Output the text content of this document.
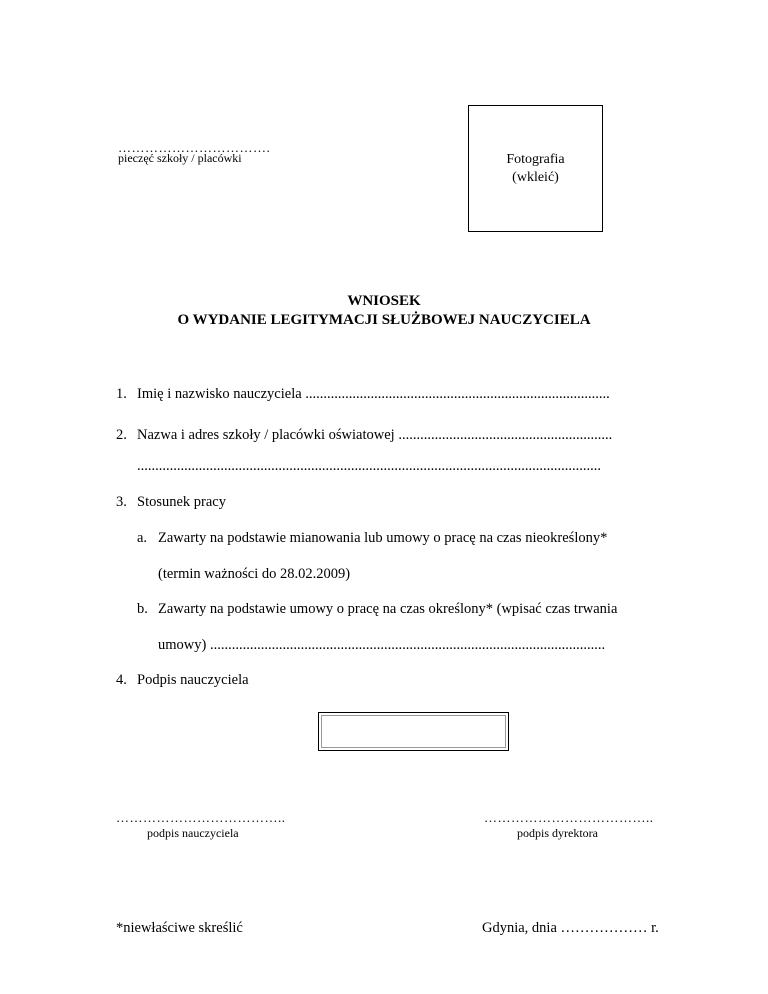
…………………………….
pieczęć szkoły / placówki	Fotografia
(wkleić)
WNIOSEK
O WYDANIE LEGITYMACJI SŁUŻBOWEJ NAUCZYCIELA
1. Imię i nazwisko nauczyciela ....................................................................................
2. Nazwa i adres szkoły / placówki oświatowej ...........................................................
................................................................................................................................
3. Stosunek pracy
a. Zawarty na podstawie mianowania lub umowy o pracę na czas nieokreślony*
(termin ważności do 28.02.2009)
b. Zawarty na podstawie umowy o pracę na czas określony* (wpisać czas trwania
umowy) .............................................................................................................
4. Podpis nauczyciela
………………………………..
podpis nauczyciela
………………………………..
podpis dyrektora
*niewłaściwe skreślić	Gdynia, dnia ……………… r.
